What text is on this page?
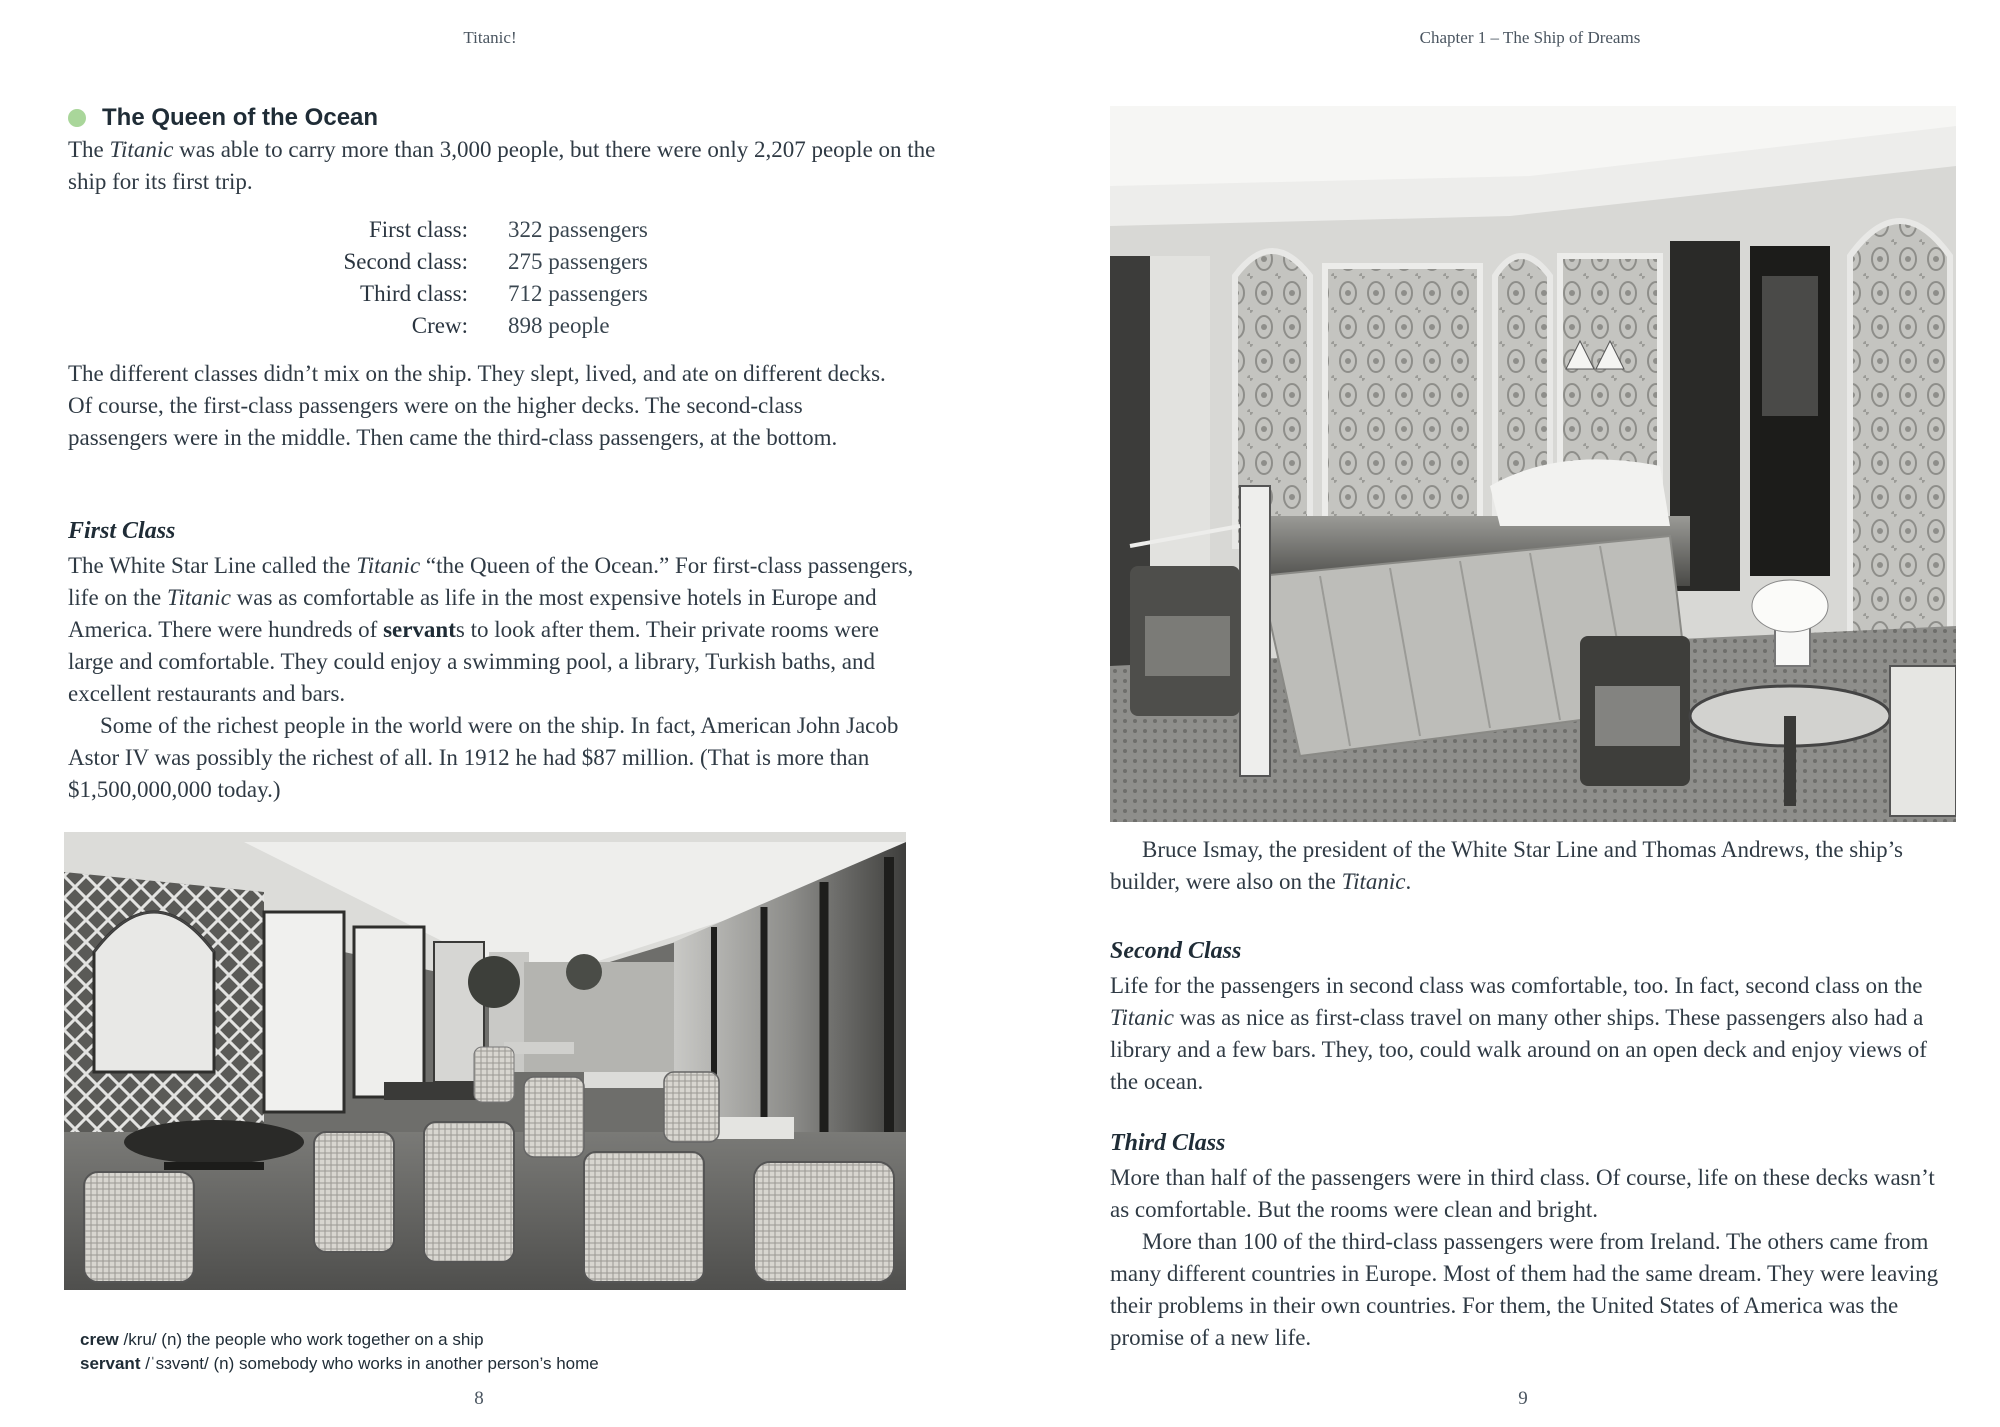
Titanic!
The Queen of the Ocean

The Titanic was able to carry more than 3,000 people, but there were only 2,207 people on the ship for its first trip.

First class: 322 passengers
Second class: 275 passengers
Third class: 712 passengers
Crew: 898 people

The different classes didn’t mix on the ship. They slept, lived, and ate on different decks. Of course, the first-class passengers were on the higher decks. The second-class passengers were in the middle. Then came the third-class passengers, at the bottom.

First Class

The White Star Line called the Titanic “the Queen of the Ocean.” For first-class passengers, life on the Titanic was as comfortable as life in the most expensive hotels in Europe and America. There were hundreds of servants to look after them. Their private rooms were large and comfortable. They could enjoy a swimming pool, a library, Turkish baths, and excellent restaurants and bars.

Some of the richest people in the world were on the ship. In fact, American John Jacob Astor IV was possibly the richest of all. In 1912 he had $87 million. (That is more than $1,500,000,000 today.)

crew /kru/ (n) the people who work together on a ship
servant /ˈsɜvənt/ (n) somebody who works in another person’s home
8
Chapter 1 – The Ship of Dreams

Bruce Ismay, the president of the White Star Line and Thomas Andrews, the ship’s builder, were also on the Titanic.

Second Class

Life for the passengers in second class was comfortable, too. In fact, second class on the Titanic was as nice as first-class travel on many other ships. These passengers also had a library and a few bars. They, too, could walk around on an open deck and enjoy views of the ocean.

Third Class

More than half of the passengers were in third class. Of course, life on these decks wasn’t as comfortable. But the rooms were clean and bright.

More than 100 of the third-class passengers were from Ireland. The others came from many different countries in Europe. Most of them had the same dream. They were leaving their problems in their own countries. For them, the United States of America was the promise of a new life.

9
